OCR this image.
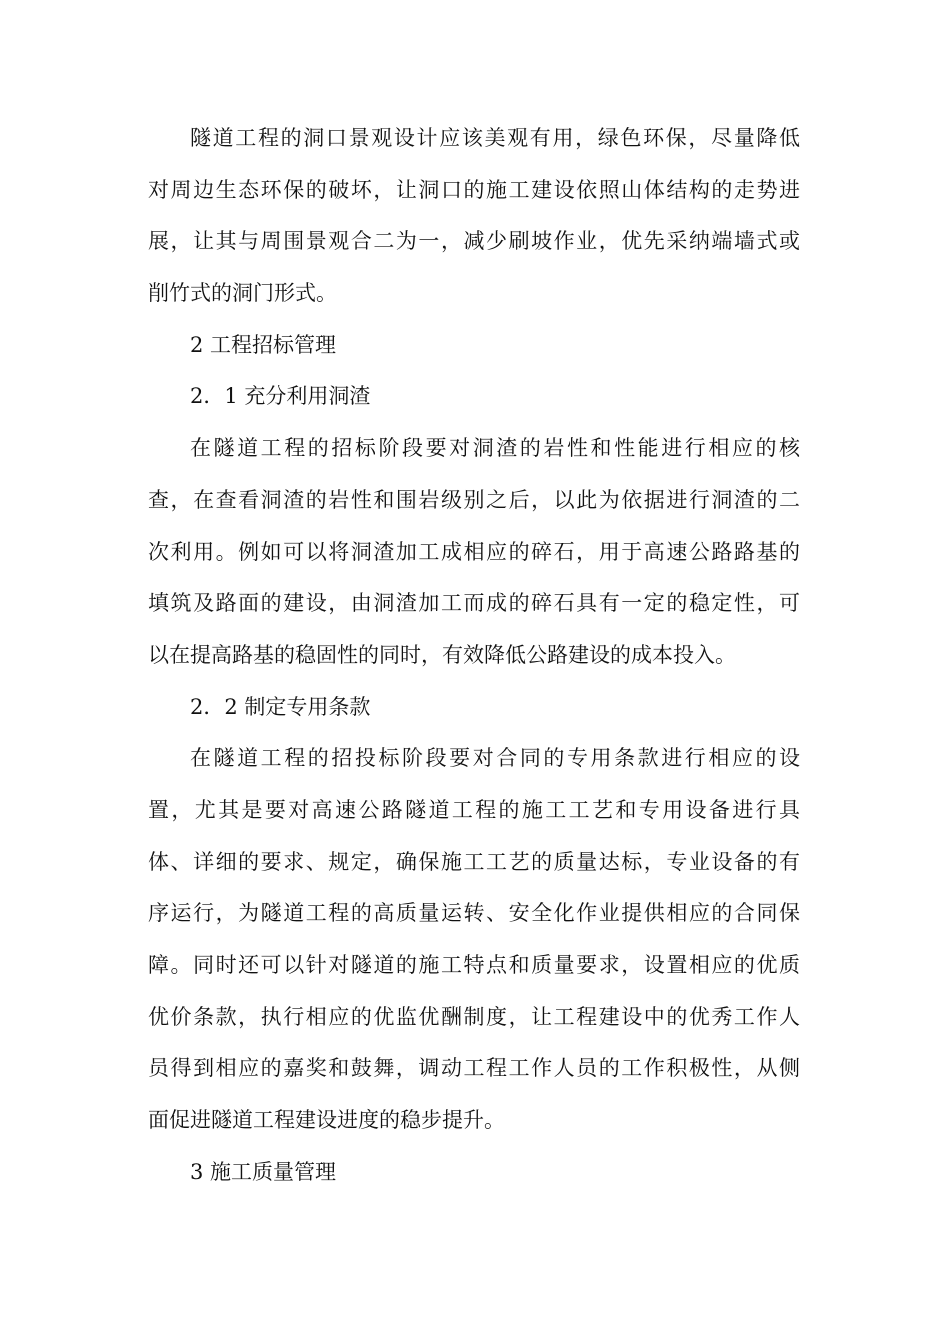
隧道工程的洞口景观设计应该美观有用，绿色环保，尽量降低
对周边生态环保的破坏，让洞口的施工建设依照山体结构的走势进
展，让其与周围景观合二为一，减少刷坡作业，优先采纳端墙式或
削竹式的洞门形式。

2 工程招标管理

2．1 充分利用洞渣

在隧道工程的招标阶段要对洞渣的岩性和性能进行相应的核
查，在查看洞渣的岩性和围岩级别之后，以此为依据进行洞渣的二
次利用。例如可以将洞渣加工成相应的碎石，用于高速公路路基的
填筑及路面的建设，由洞渣加工而成的碎石具有一定的稳定性，可
以在提高路基的稳固性的同时，有效降低公路建设的成本投入。

2．2 制定专用条款

在隧道工程的招投标阶段要对合同的专用条款进行相应的设
置，尤其是要对高速公路隧道工程的施工工艺和专用设备进行具
体、详细的要求、规定，确保施工工艺的质量达标，专业设备的有
序运行，为隧道工程的高质量运转、安全化作业提供相应的合同保
障。同时还可以针对隧道的施工特点和质量要求，设置相应的优质
优价条款，执行相应的优监优酬制度，让工程建设中的优秀工作人
员得到相应的嘉奖和鼓舞，调动工程工作人员的工作积极性，从侧
面促进隧道工程建设进度的稳步提升。

3 施工质量管理
